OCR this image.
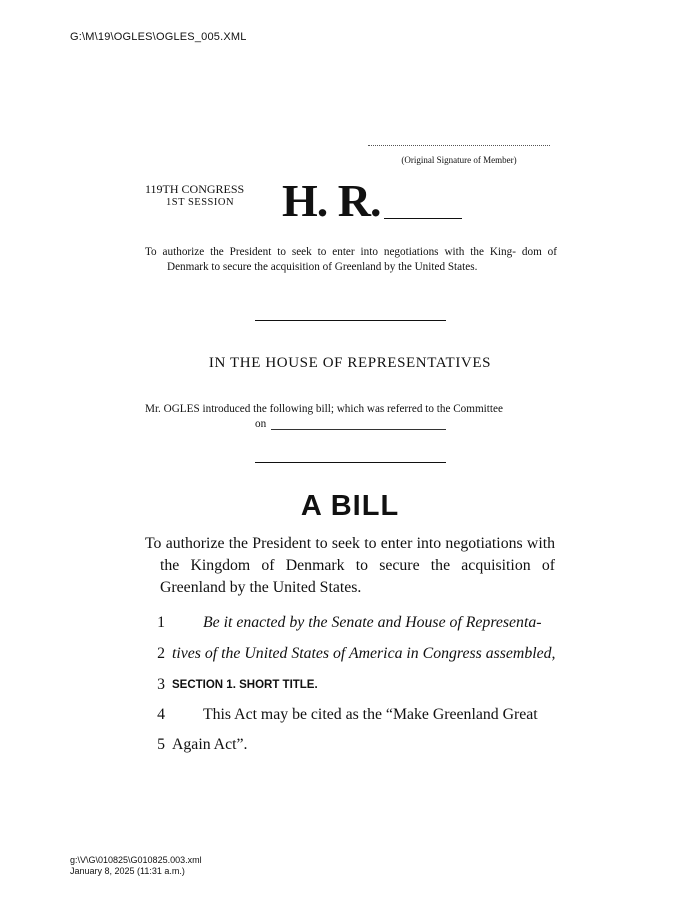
G:\M\19\OGLES\OGLES_005.XML
(Original Signature of Member)
119TH CONGRESS
1ST SESSION	H. R.
To authorize the President to seek to enter into negotiations with the King- dom of Denmark to secure the acquisition of Greenland by the United States.
IN THE HOUSE OF REPRESENTATIVES
Mr. OGLES introduced the following bill; which was referred to the Committee
on
A BILL
To authorize the President to seek to enter into negotiations with the Kingdom of Denmark to secure the acquisition of Greenland by the United States.
1 Be it enacted by the Senate and House of Representa-
2 tives of the United States of America in Congress assembled,
3 SECTION 1. SHORT TITLE.
4 This Act may be cited as the “Make Greenland Great
5 Again Act”.
g:\V\G\010825\G010825.003.xml
January 8, 2025 (11:31 a.m.)
